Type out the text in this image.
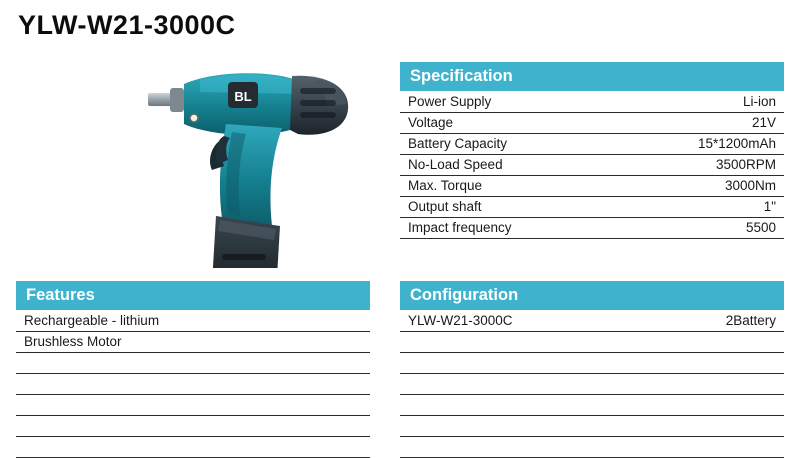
YLW-W21-3000C
BL
Specification
Power Supply	Li-ion
Voltage	21V
Battery Capacity	15*1200mAh
No-Load Speed	3500RPM
Max. Torque	3000Nm
Output shaft	1"
Impact frequency	5500
Features
Rechargeable - lithium	
Brushless Motor	

Configuration
YLW-W21-3000C	2Battery
